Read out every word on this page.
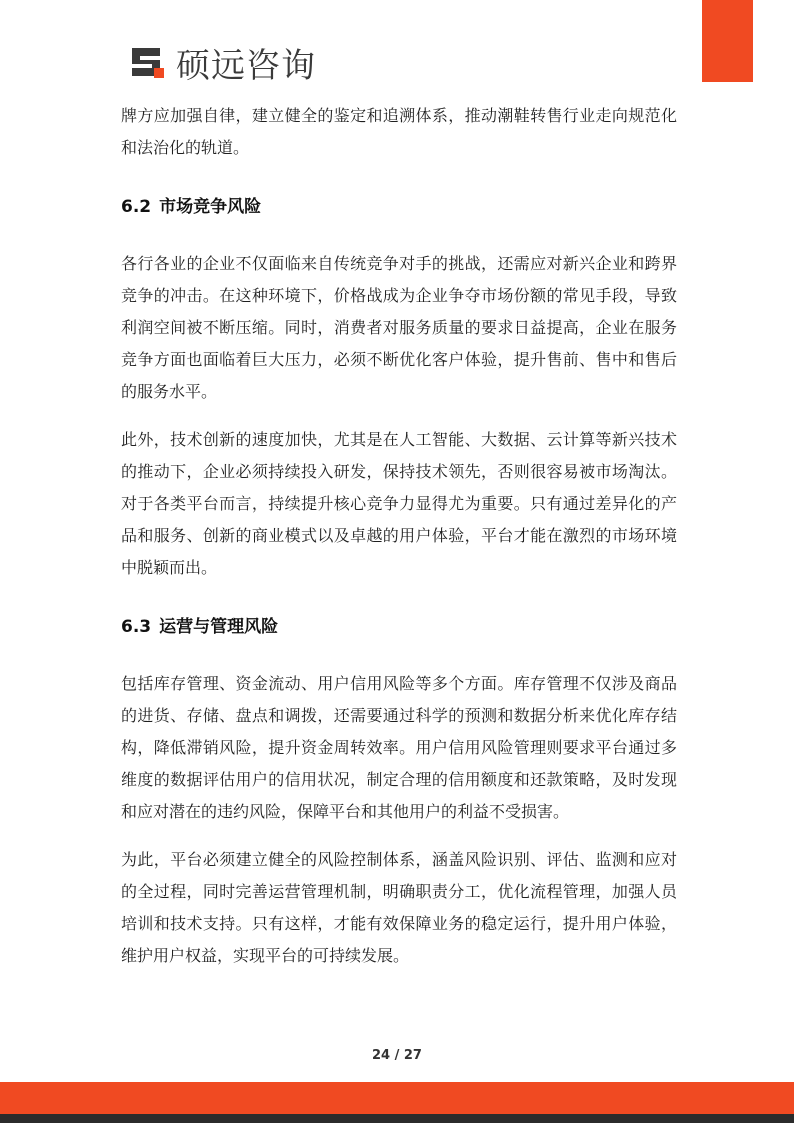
硕远咨询

牌方应加强自律，建立健全的鉴定和追溯体系，推动潮鞋转售行业走向规范化和法治化的轨道。

6.2 市场竞争风险

各行各业的企业不仅面临来自传统竞争对手的挑战，还需应对新兴企业和跨界竞争的冲击。在这种环境下，价格战成为企业争夺市场份额的常见手段，导致利润空间被不断压缩。同时，消费者对服务质量的要求日益提高，企业在服务竞争方面也面临着巨大压力，必须不断优化客户体验，提升售前、售中和售后的服务水平。

此外，技术创新的速度加快，尤其是在人工智能、大数据、云计算等新兴技术的推动下，企业必须持续投入研发，保持技术领先，否则很容易被市场淘汰。对于各类平台而言，持续提升核心竞争力显得尤为重要。只有通过差异化的产品和服务、创新的商业模式以及卓越的用户体验，平台才能在激烈的市场环境中脱颖而出。

6.3 运营与管理风险

包括库存管理、资金流动、用户信用风险等多个方面。库存管理不仅涉及商品的进货、存储、盘点和调拨，还需要通过科学的预测和数据分析来优化库存结构，降低滞销风险，提升资金周转效率。用户信用风险管理则要求平台通过多维度的数据评估用户的信用状况，制定合理的信用额度和还款策略，及时发现和应对潜在的违约风险，保障平台和其他用户的利益不受损害。

为此，平台必须建立健全的风险控制体系，涵盖风险识别、评估、监测和应对的全过程，同时完善运营管理机制，明确职责分工，优化流程管理，加强人员培训和技术支持。只有这样，才能有效保障业务的稳定运行，提升用户体验，维护用户权益，实现平台的可持续发展。

24 / 27
